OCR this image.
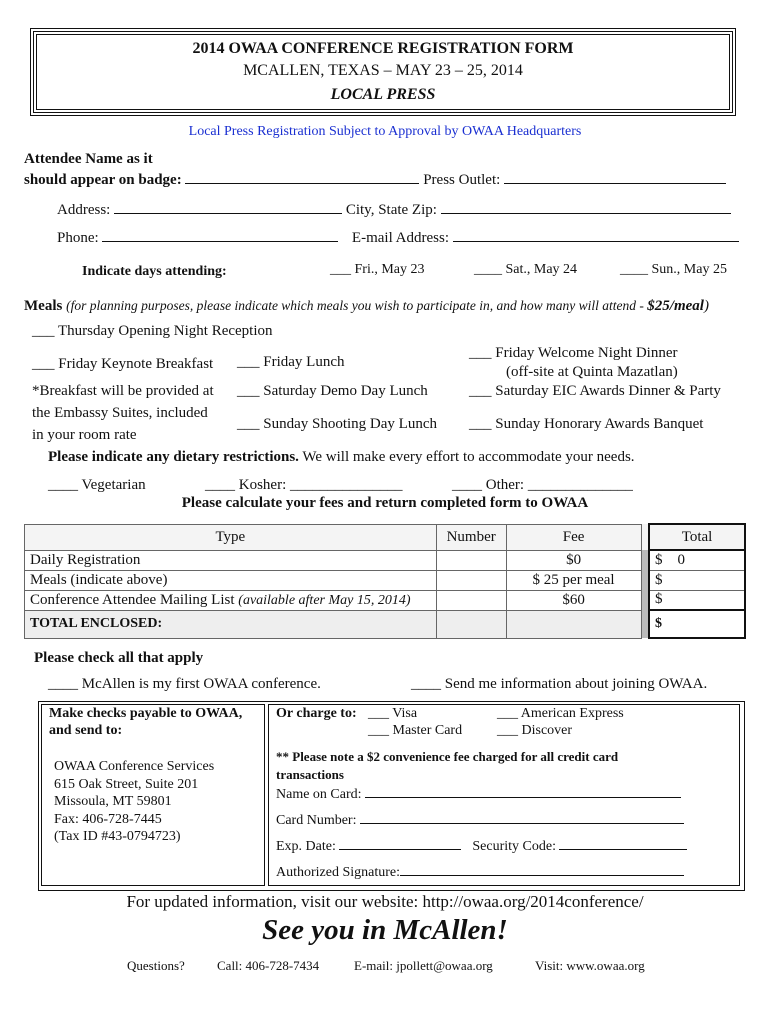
2014 OWAA CONFERENCE REGISTRATION FORM
MCALLEN, TEXAS – MAY 23 – 25, 2014
LOCAL PRESS
Local Press Registration Subject to Approval by OWAA Headquarters
Attendee Name as it
should appear on badge:	Press Outlet:
Address:	City, State Zip:
Phone:	E-mail Address:
Indicate days attending:	___ Fri., May 23	____ Sat., May 24	____ Sun., May 25
Meals (for planning purposes, please indicate which meals you wish to participate in, and how many will attend - $25/meal)
___ Thursday Opening Night Reception
___ Friday Keynote Breakfast
*Breakfast will be provided at
the Embassy Suites, included
in your room rate
___ Friday Lunch
___ Saturday Demo Day Lunch
___ Sunday Shooting Day Lunch
___ Friday Welcome Night Dinner
(off-site at Quinta Mazatlan)
___ Saturday EIC Awards Dinner & Party
___ Sunday Honorary Awards Banquet
Please indicate any dietary restrictions. We will make every effort to accommodate your needs.
____ Vegetarian	____ Kosher: _______________	____ Other: ______________
Please calculate your fees and return completed form to OWAA
Type	Number	Fee		Total
Daily Registration		$0		$    0
Meals (indicate above)		$ 25 per meal		$
Conference Attendee Mailing List (available after May 15, 2014)		$60		$
TOTAL ENCLOSED:				$
Please check all that apply
____ McAllen is my first OWAA conference.	____ Send me information about joining OWAA.
Make checks payable to OWAA,
and send to:
OWAA Conference Services
615 Oak Street, Suite 201
Missoula, MT 59801
Fax: 406-728-7445
(Tax ID #43-0794723)
Or charge to: ___ Visa
___ Master Card
___ American Express
___ Discover
** Please note a $2 convenience fee charged for all credit card
transactions
Name on Card:
Card Number:
Exp. Date:	Security Code:
Authorized Signature:
For updated information, visit our website: http://owaa.org/2014conference/
See you in McAllen!
Questions? Call: 406-728-7434	E-mail: jpollett@owaa.org	Visit: www.owaa.org
